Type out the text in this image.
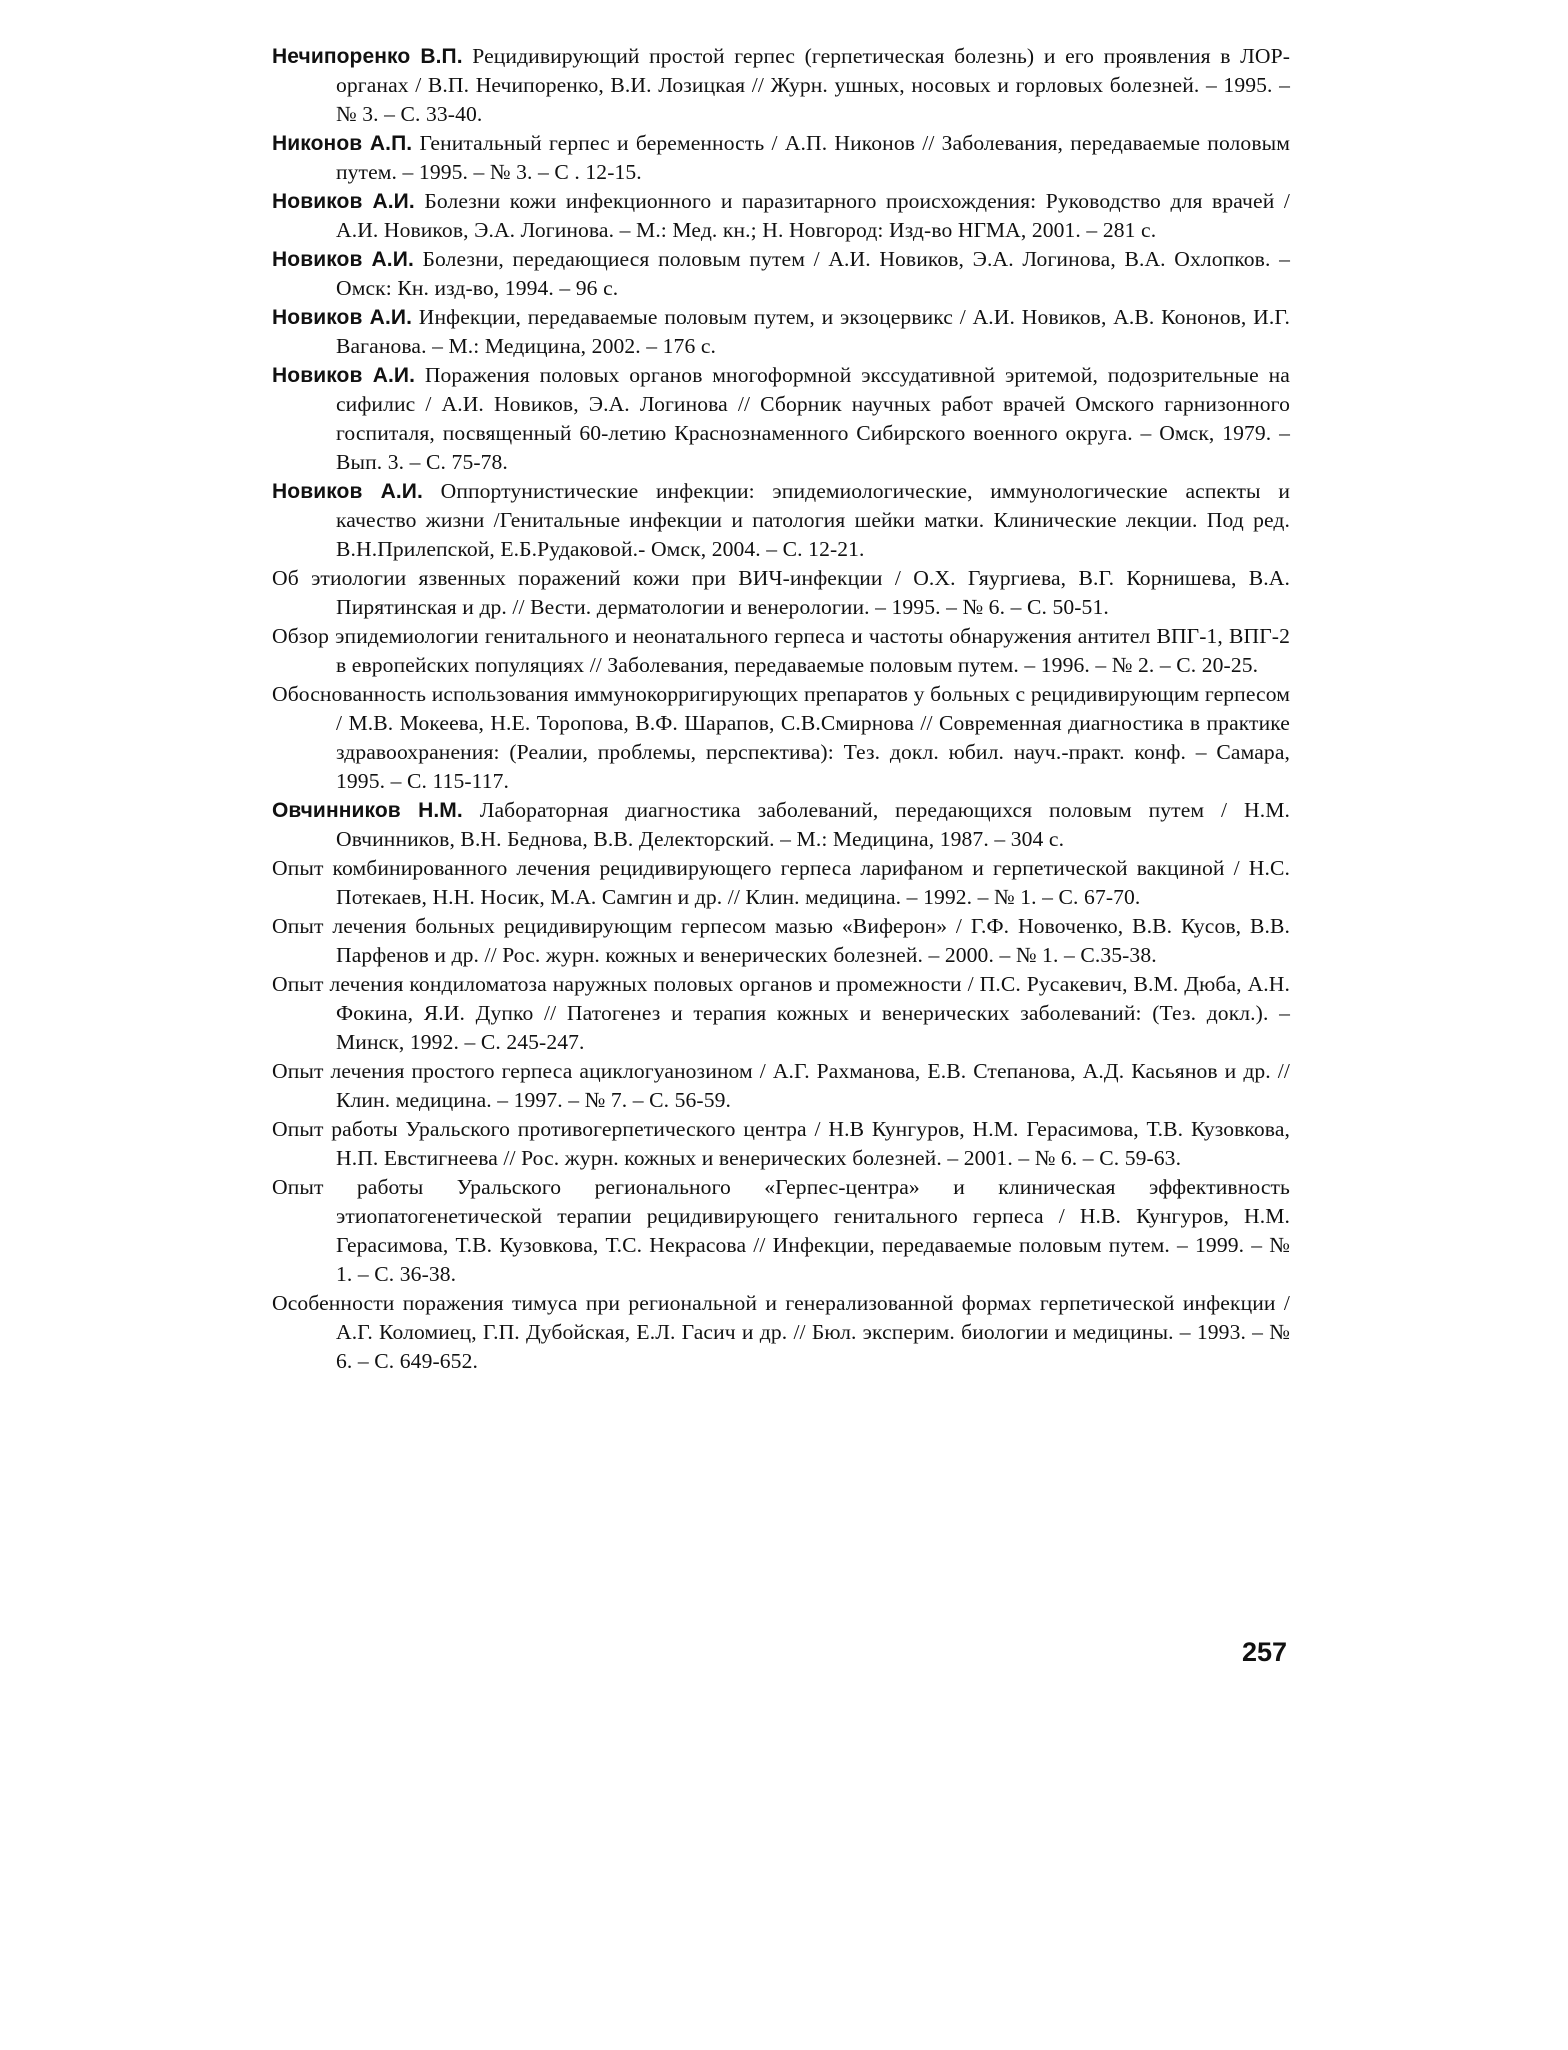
Нечипоренко В.П. Рецидивирующий простой герпес (герпетическая болезнь) и его проявления в ЛОР-органах / В.П. Нечипоренко, В.И. Лозицкая // Журн. ушных, носовых и горловых болезней. – 1995. – № 3. – С. 33-40.

Никонов А.П. Генитальный герпес и беременность / А.П. Никонов // Заболевания, передаваемые половым путем. – 1995. – № 3. – С . 12-15.

Новиков А.И. Болезни кожи инфекционного и паразитарного происхождения: Руководство для врачей / А.И. Новиков, Э.А. Логинова. – М.: Мед. кн.; Н. Новгород: Изд-во НГМА, 2001. – 281 с.

Новиков А.И. Болезни, передающиеся половым путем / А.И. Новиков, Э.А. Логинова, В.А. Охлопков. – Омск: Кн. изд-во, 1994. – 96 с.

Новиков А.И. Инфекции, передаваемые половым путем, и экзоцервикс / А.И. Новиков, А.В. Кононов, И.Г. Ваганова. – М.: Медицина, 2002. – 176 с.

Новиков А.И. Поражения половых органов многоформной экссудативной эритемой, подозрительные на сифилис / А.И. Новиков, Э.А. Логинова // Сборник научных работ врачей Омского гарнизонного госпиталя, посвященный 60-летию Краснознаменного Сибирского военного округа. – Омск, 1979. – Вып. 3. – С. 75-78.

Новиков А.И. Оппортунистические инфекции: эпидемиологические, иммунологические аспекты и качество жизни /Генитальные инфекции и патология шейки матки. Клинические лекции. Под ред. В.Н.Прилепской, Е.Б.Рудаковой.- Омск, 2004. – С. 12-21.

Об этиологии язвенных поражений кожи при ВИЧ-инфекции / О.Х. Гяургиева, В.Г. Корнишева, В.А. Пирятинская и др. // Вести. дерматологии и венерологии. – 1995. – № 6. – С. 50-51.

Обзор эпидемиологии генитального и неонатального герпеса и частоты обнаружения антител ВПГ-1, ВПГ-2 в европейских популяциях // Заболевания, передаваемые половым путем. – 1996. – № 2. – С. 20-25.

Обоснованность использования иммунокорригирующих препаратов у больных с рецидивирующим герпесом / М.В. Мокеева, Н.Е. Торопова, В.Ф. Шарапов, С.В.Смирнова // Современная диагностика в практике здравоохранения: (Реалии, проблемы, перспектива): Тез. докл. юбил. науч.-практ. конф. – Самара, 1995. – С. 115-117.

Овчинников Н.М. Лабораторная диагностика заболеваний, передающихся половым путем / Н.М. Овчинников, В.Н. Беднова, В.В. Делекторский. – М.: Медицина, 1987. – 304 с.

Опыт комбинированного лечения рецидивирующего герпеса ларифаном и герпетической вакциной / Н.С. Потекаев, Н.Н. Носик, М.А. Самгин и др. // Клин. медицина. – 1992. – № 1. – С. 67-70.

Опыт лечения больных рецидивирующим герпесом мазью «Виферон» / Г.Ф. Новоченко, В.В. Кусов, В.В. Парфенов и др. // Рос. журн. кожных и венерических болезней. – 2000. – № 1. – С.35-38.

Опыт лечения кондиломатоза наружных половых органов и промежности / П.С. Русакевич, В.М. Дюба, А.Н. Фокина, Я.И. Дупко // Патогенез и терапия кожных и венерических заболеваний: (Тез. докл.). – Минск, 1992. – С. 245-247.

Опыт лечения простого герпеса ациклогуанозином / А.Г. Рахманова, Е.В. Степанова, А.Д. Касьянов и др. // Клин. медицина. – 1997. – № 7. – С. 56-59.

Опыт работы Уральского противогерпетического центра / Н.В Кунгуров, Н.М. Герасимова, Т.В. Кузовкова, Н.П. Евстигнеева // Рос. журн. кожных и венерических болезней. – 2001. – № 6. – С. 59-63.

Опыт работы Уральского регионального «Герпес-центра» и клиническая эффективность этиопатогенетической терапии рецидивирующего генитального герпеса / Н.В. Кунгуров, Н.М. Герасимова, Т.В. Кузовкова, Т.С. Некрасова // Инфекции, передаваемые половым путем. – 1999. – № 1. – С. 36-38.

Особенности поражения тимуса при региональной и генерализованной формах герпетической инфекции / А.Г. Коломиец, Г.П. Дубойская, Е.Л. Гасич и др. // Бюл. эксперим. биологии и медицины. – 1993. – № 6. – С. 649-652.

257
